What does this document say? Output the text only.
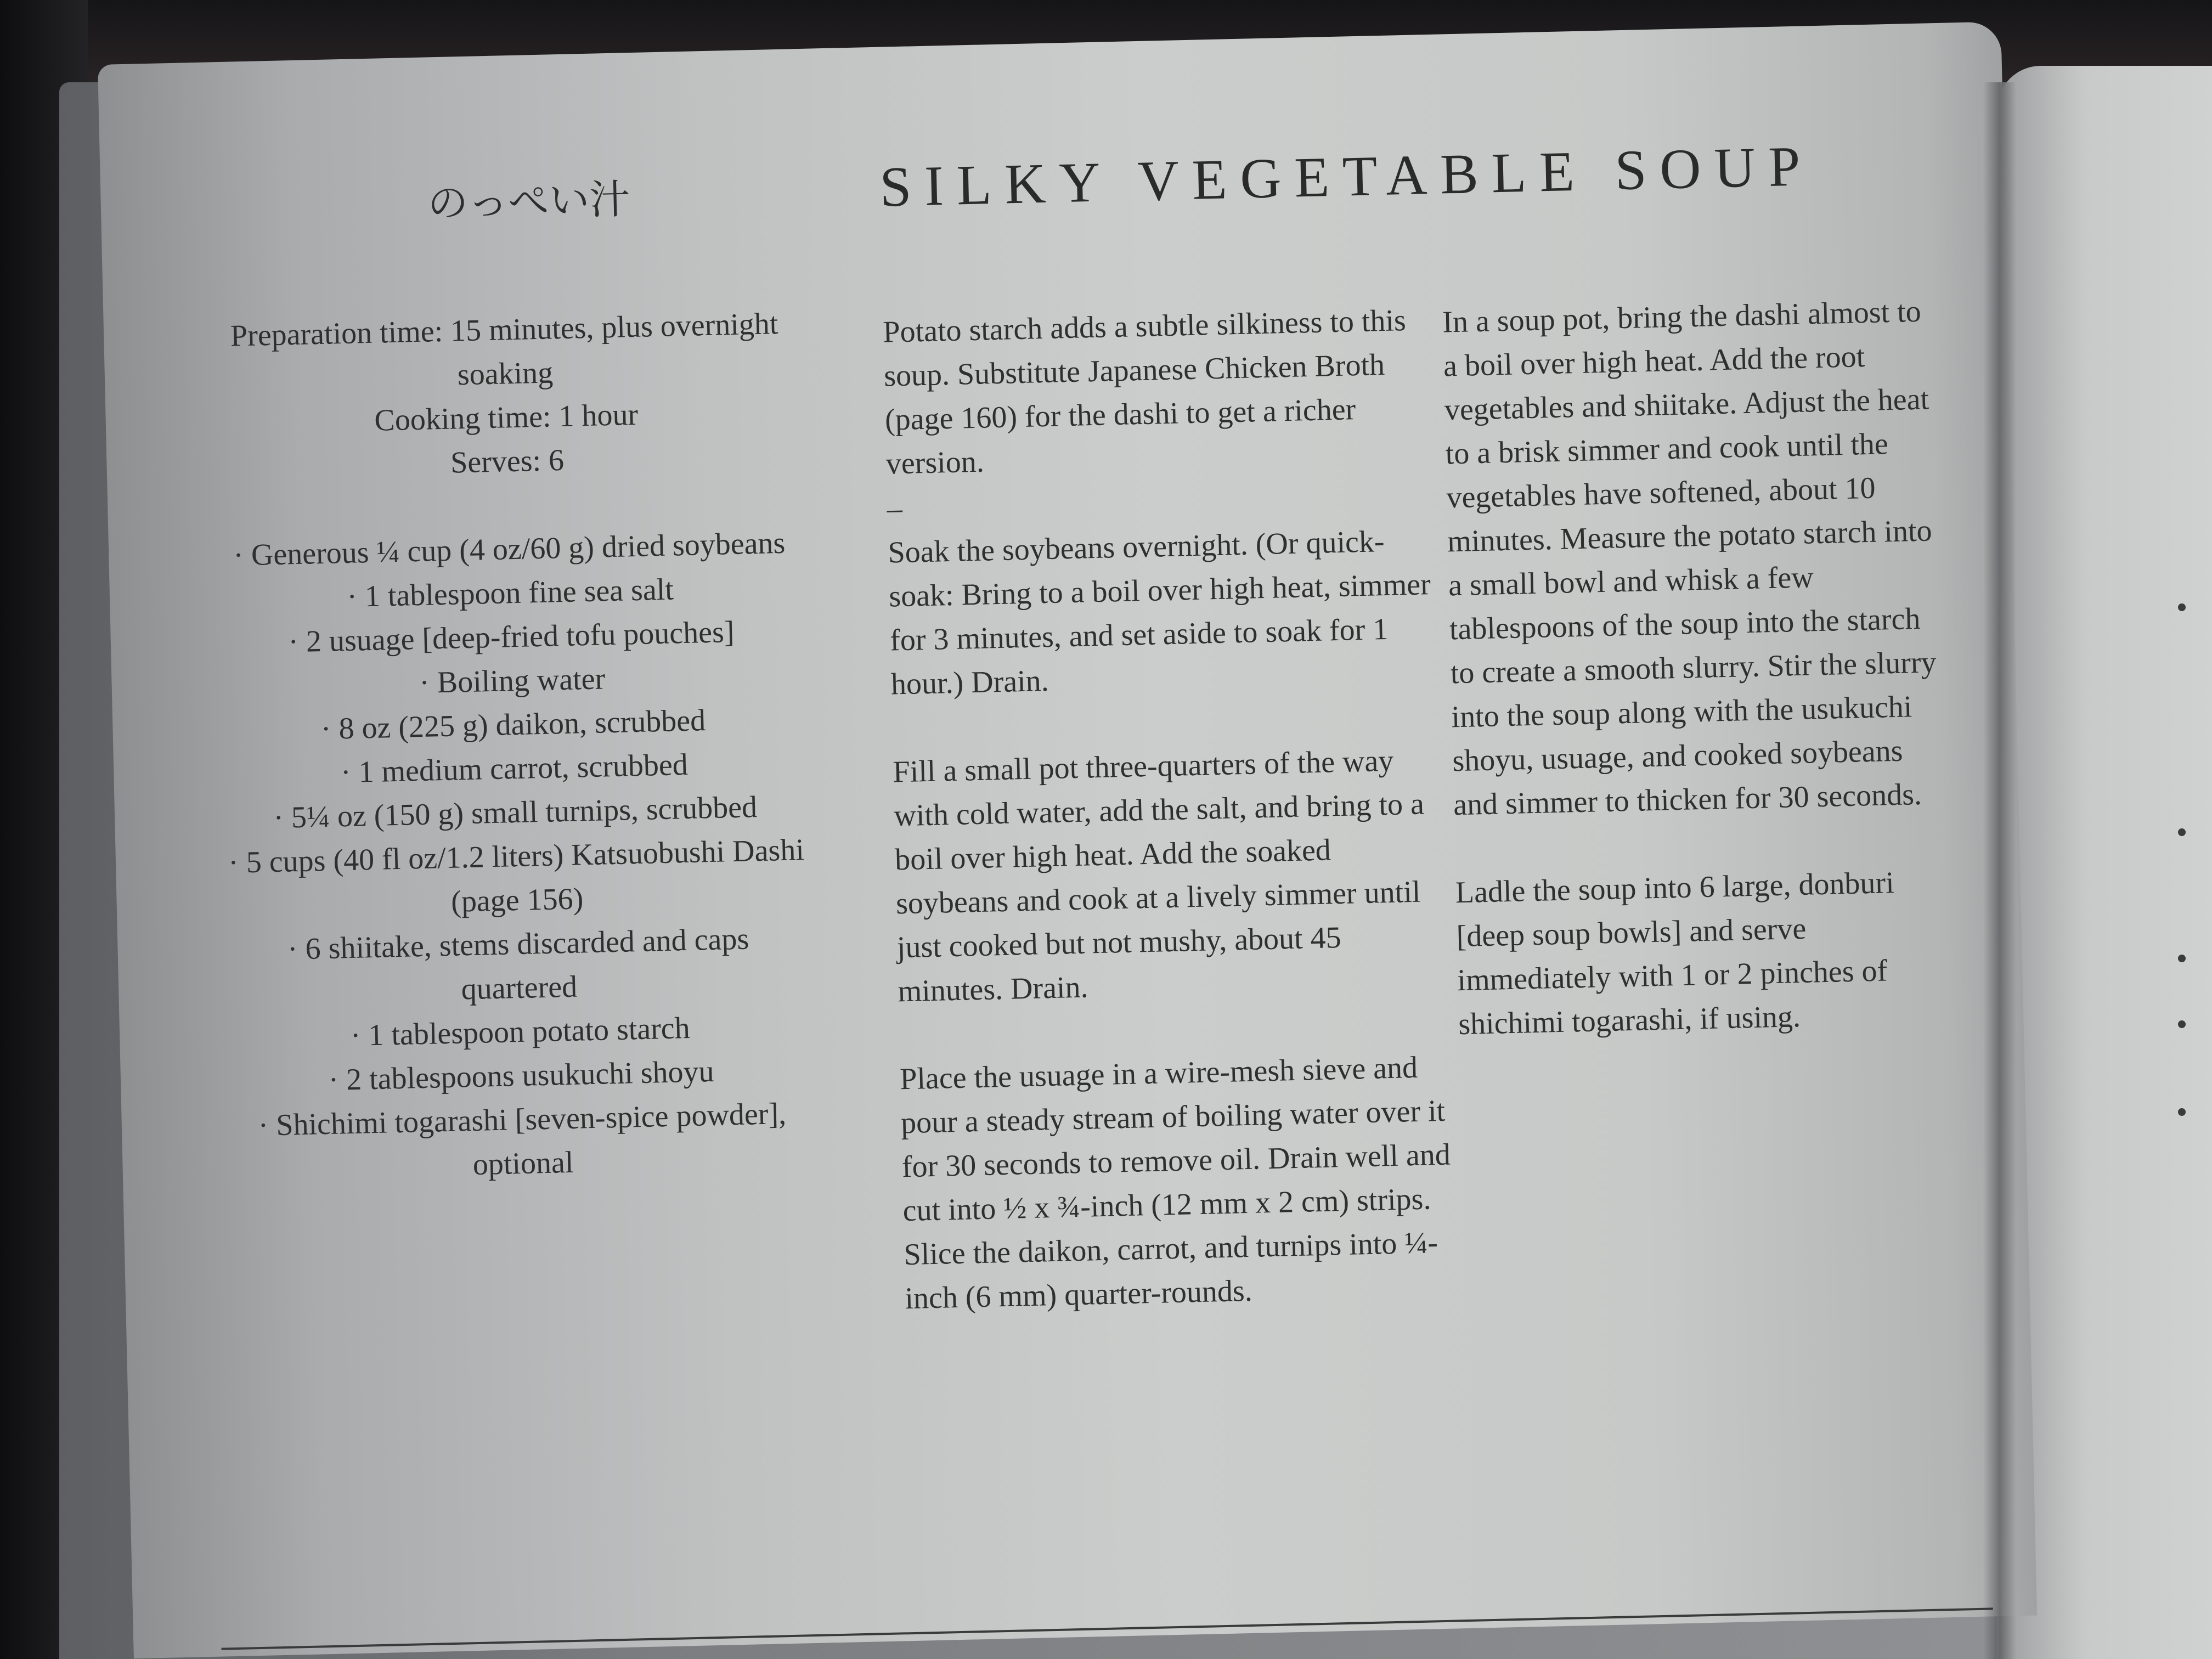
のっぺい汁	SILKY VEGETABLE SOUP

Preparation time: 15 minutes, plus overnight soaking

Cooking time: 1 hour

Serves: 6

· Generous ¼ cup (4 oz/60 g) dried soybeans
· 1 tablespoon fine sea salt
· 2 usuage [deep-fried tofu pouches]
· Boiling water
· 8 oz (225 g) daikon, scrubbed
· 1 medium carrot, scrubbed
· 5¼ oz (150 g) small turnips, scrubbed
· 5 cups (40 fl oz/1.2 liters) Katsuobushi Dashi (page 156)
· 6 shiitake, stems discarded and caps quartered
· 1 tablespoon potato starch
· 2 tablespoons usukuchi shoyu
· Shichimi togarashi [seven-spice powder], optional

Potato starch adds a subtle silkiness to this soup. Substitute Japanese Chicken Broth (page 160) for the dashi to get a richer version.

–

Soak the soybeans overnight. (Or quick-soak: Bring to a boil over high heat, simmer for 3 minutes, and set aside to soak for 1 hour.) Drain.

Fill a small pot three-quarters of the way with cold water, add the salt, and bring to a boil over high heat. Add the soaked soybeans and cook at a lively simmer until just cooked but not mushy, about 45 minutes. Drain.

Place the usuage in a wire-mesh sieve and pour a steady stream of boiling water over it for 30 seconds to remove oil. Drain well and cut into ½ x ¾-inch (12 mm x 2 cm) strips. Slice the daikon, carrot, and turnips into ¼-inch (6 mm) quarter-rounds.

In a soup pot, bring the dashi almost to a boil over high heat. Add the root vegetables and shiitake. Adjust the heat to a brisk simmer and cook until the vegetables have softened, about 10 minutes. Measure the potato starch into a small bowl and whisk a few tablespoons of the soup into the starch to create a smooth slurry. Stir the slurry into the soup along with the usukuchi shoyu, usuage, and cooked soybeans and simmer to thicken for 30 seconds.

Ladle the soup into 6 large, donburi [deep soup bowls] and serve immediately with 1 or 2 pinches of shichimi togarashi, if using.
